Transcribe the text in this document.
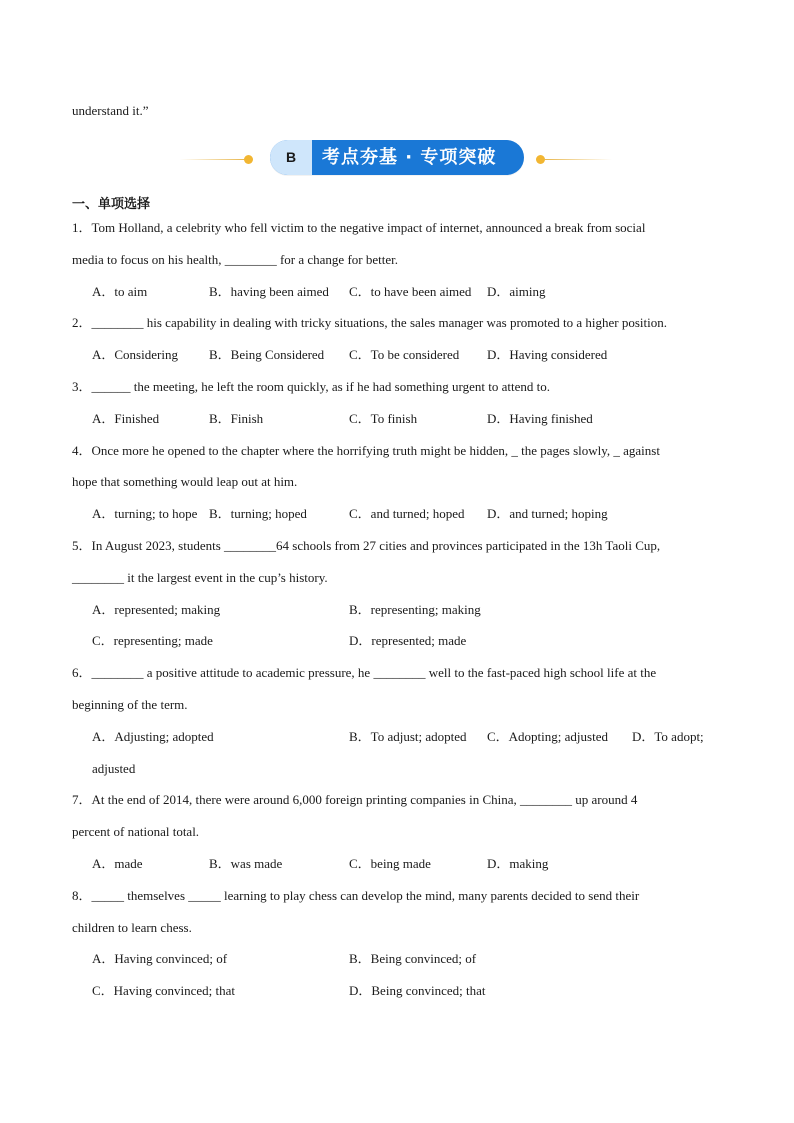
understand it.”
B	考点夯基 · 专项突破
一、单项选择
1．Tom Holland, a celebrity who fell victim to the negative impact of internet, announced a break from social
media to focus on his health, ________ for a change for better.
A．to aim	B．having been aimed C．to have been aimed D．aiming
2．________ his capability in dealing with tricky situations, the sales manager was promoted to a higher position.
A．Considering B．Being Considered C．To be considered D．Having considered
3．______ the meeting, he left the room quickly, as if he had something urgent to attend to.
A．Finished	B．Finish	C．To finish	D．Having finished
4．Once more he opened to the chapter where the horrifying truth might be hidden, _ the pages slowly, _ against
hope that something would leap out at him.
A．turning; to hope B．turning; hoped	C．and turned; hoped D．and turned; hoping
5．In August 2023, students ________64 schools from 27 cities and provinces participated in the 13h Taoli Cup,
________ it the largest event in the cup’s history.
A．represented; making	B．representing; making
C．representing; made	D．represented; made
6．________ a positive attitude to academic pressure, he ________ well to the fast-paced high school life at the
beginning of the term.
A．Adjusting; adopted	B．To adjust; adopted C．Adopting; adjusted D．To adopt;
adjusted
7．At the end of 2014, there were around 6,000 foreign printing companies in China, ________ up around 4
percent of national total.
A．made	B．was made	C．being made	D．making
8．_____ themselves _____ learning to play chess can develop the mind, many parents decided to send their
children to learn chess.
A．Having convinced; of	B．Being convinced; of
C．Having convinced; that	D．Being convinced; that
